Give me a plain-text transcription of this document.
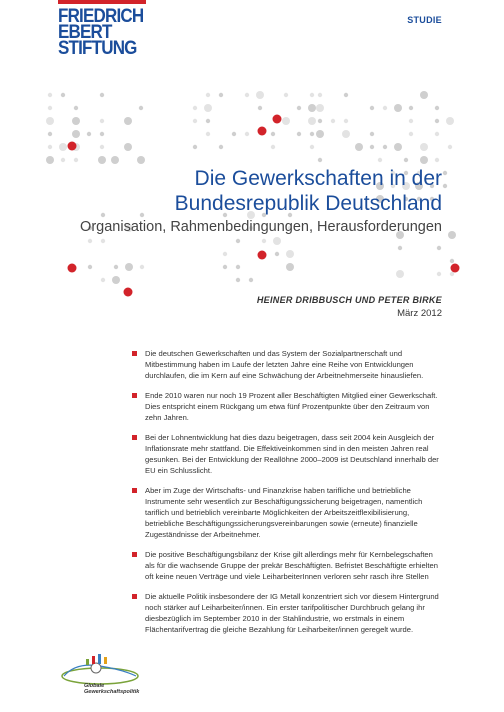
FRIEDRICH
EBERT
STIFTUNG
STUDIE
Die Gewerkschaften in der
Bundesrepublik Deutschland
Organisation, Rahmenbedingungen, Herausforderungen
HEINER DRIBBUSCH UND PETER BIRKE
März 2012
Die deutschen Gewerkschaften und das System der Sozialpartnerschaft und Mitbestimmung haben im Laufe der letzten Jahre eine Reihe von Entwicklungen durchlaufen, die im Kern auf eine Schwächung der Arbeitnehmerseite hinausliefen.
Ende 2010 waren nur noch 19 Prozent aller Beschäftigten Mitglied einer Gewerkschaft. Dies entspricht einem Rückgang um etwa fünf Prozentpunkte über den Zeitraum von zehn Jahren.
Bei der Lohnentwicklung hat dies dazu beigetragen, dass seit 2004 kein Ausgleich der Inflationsrate mehr stattfand. Die Effektiveinkommen sind in den meisten Jahren real gesunken. Bei der Entwicklung der Reallöhne 2000–2009 ist Deutschland innerhalb der EU ein Schlusslicht.
Aber im Zuge der Wirtschafts- und Finanzkrise haben tarifliche und betriebliche Instrumente sehr wesentlich zur Beschäftigungssicherung beigetragen, namentlich tariflich und betrieblich vereinbarte Möglichkeiten der Arbeitszeitflexibilisierung, betriebliche Beschäftigungssicherungsvereinbarungen sowie (erneute) finanzielle Zugeständnisse der Arbeitnehmer.
Die positive Beschäftigungsbilanz der Krise gilt allerdings mehr für Kernbelegschaften als für die wachsende Gruppe der prekär Beschäftigten. Befristet Beschäftigte erhielten oft keine neuen Verträge und viele LeiharbeiterInnen verloren sehr rasch ihre Stellen
Die aktuelle Politik insbesondere der IG Metall konzentriert sich vor diesem Hintergrund noch stärker auf Leiharbeiter/innen. Ein erster tarifpolitischer Durchbruch gelang ihr diesbezüglich im September 2010 in der Stahlindustrie, wo erstmals in einem Flächentarifvertrag die gleiche Bezahlung für Leiharbeiter/innen geregelt wurde.
Globale
Gewerkschaftspolitik
